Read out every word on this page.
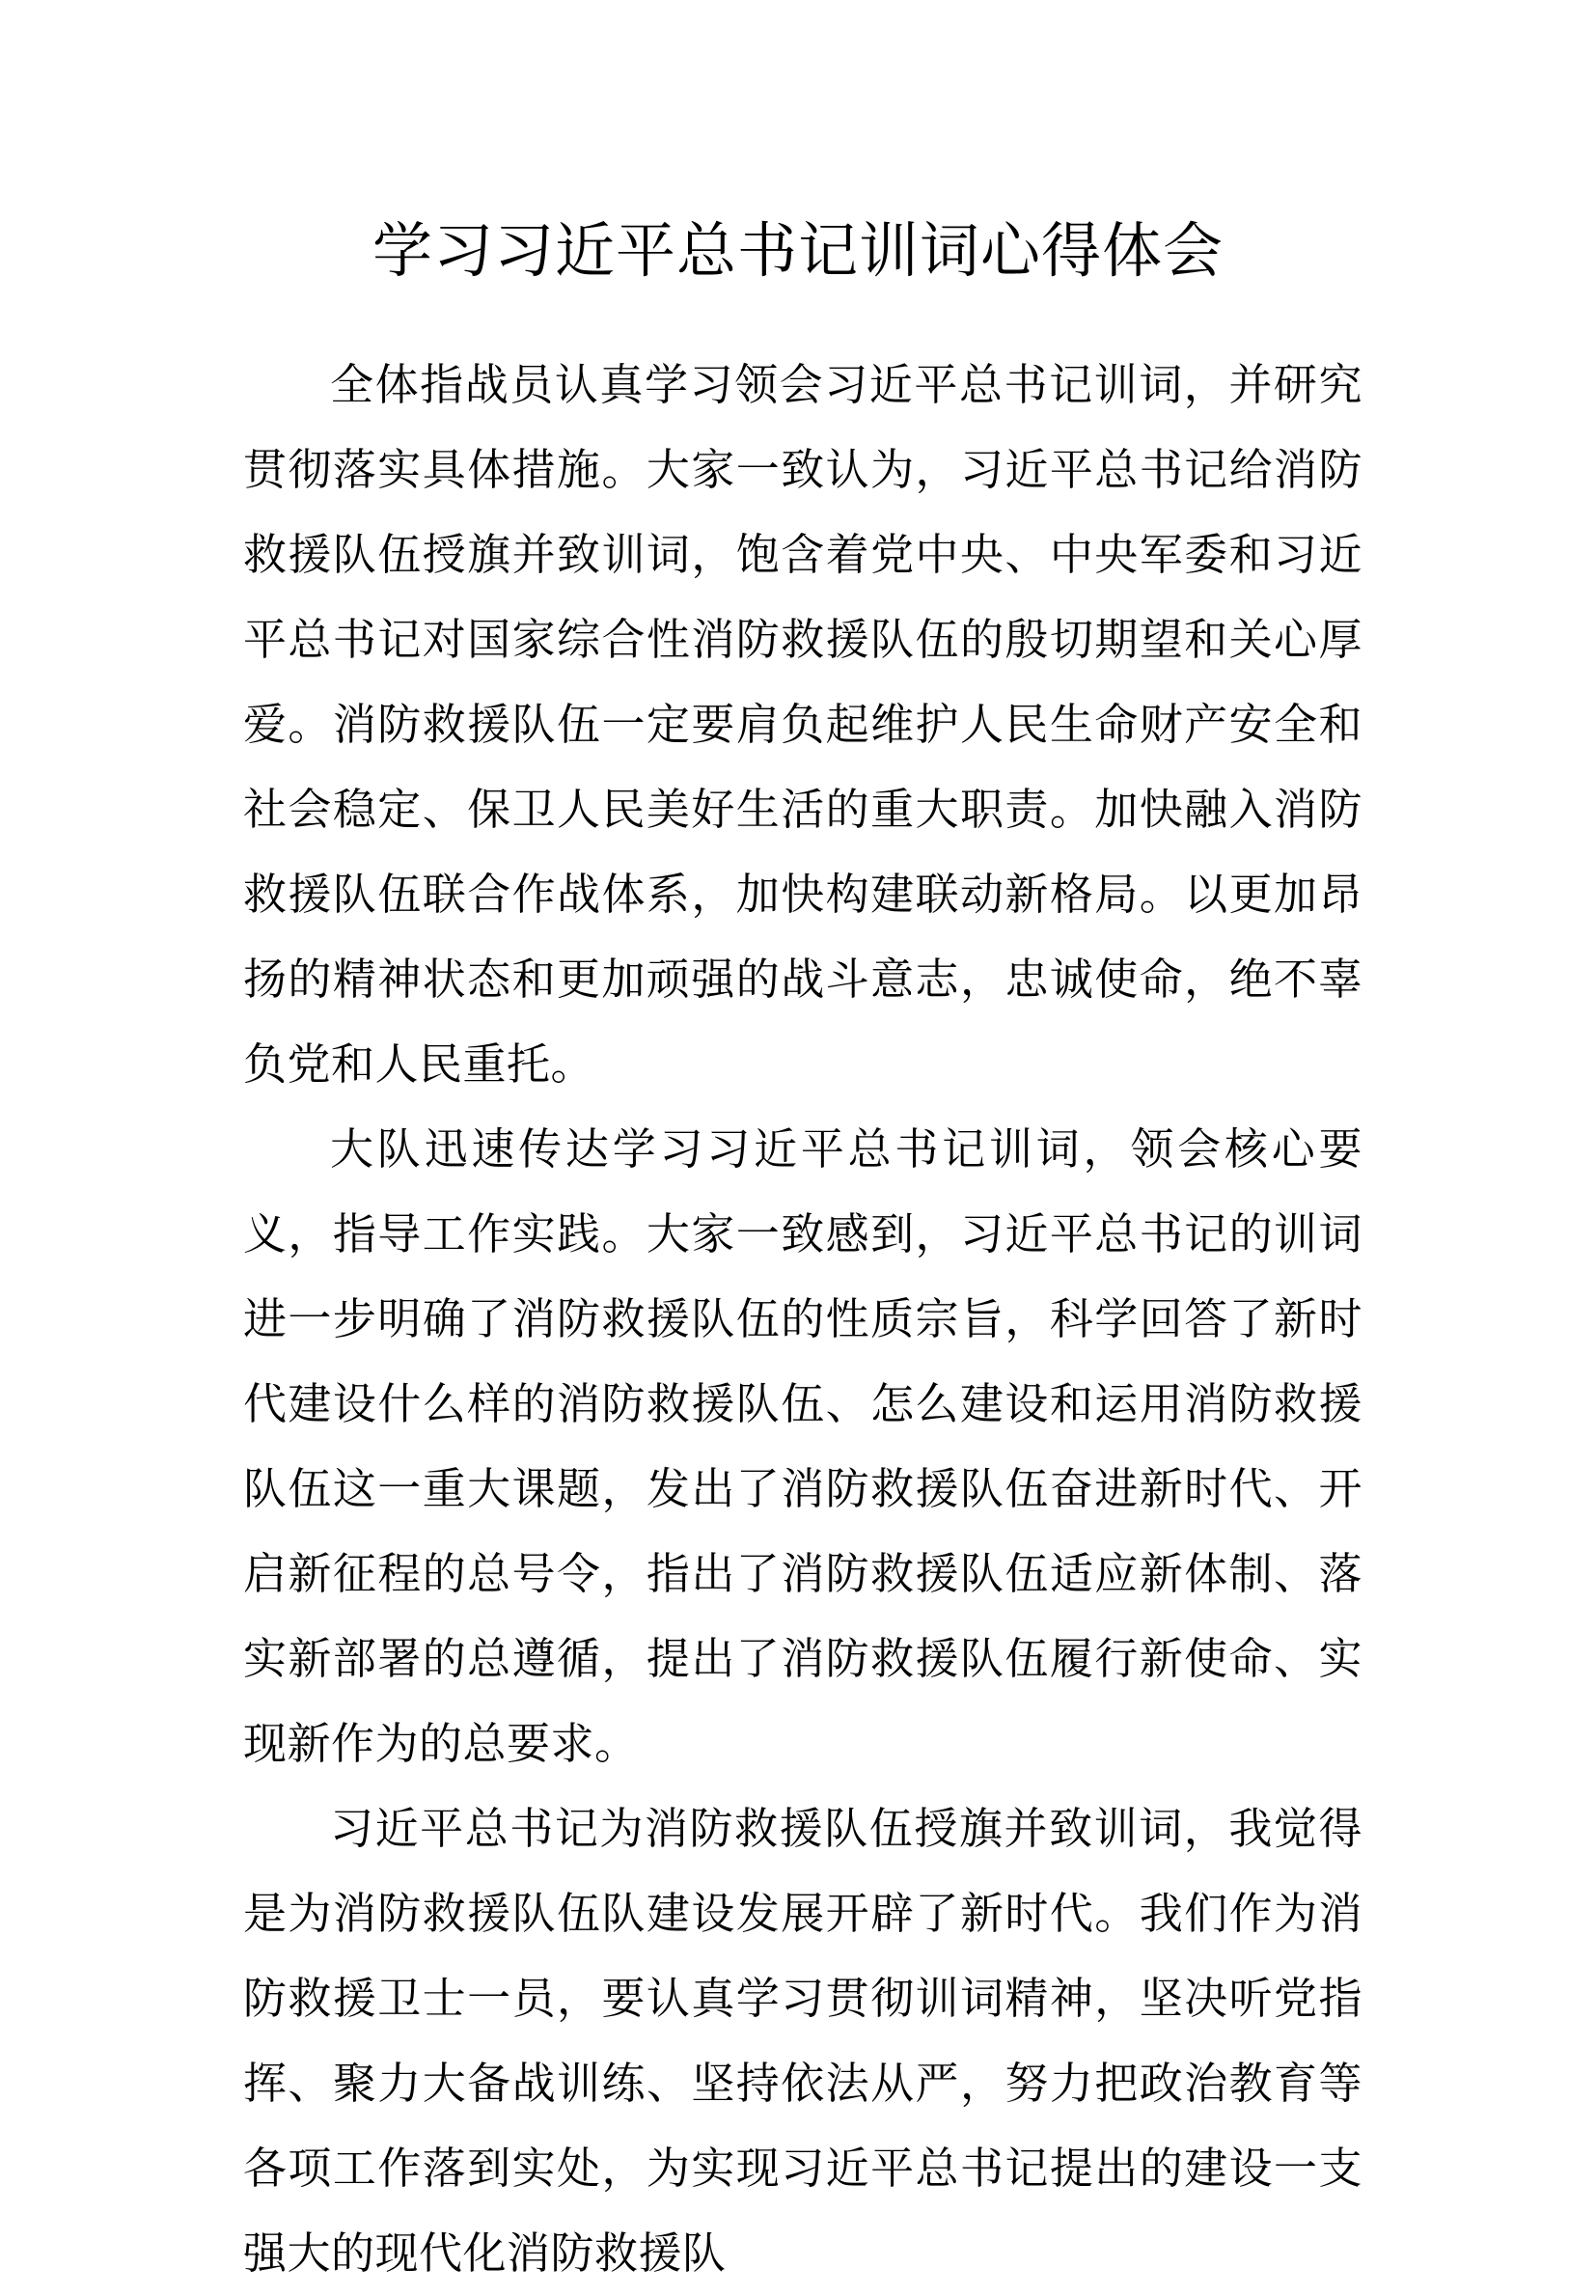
学习习近平总书记训词心得体会

全体指战员认真学习领会习近平总书记训词，并研究贯彻落实具体措施。大家一致认为，习近平总书记给消防救援队伍授旗并致训词，饱含着党中央、中央军委和习近平总书记对国家综合性消防救援队伍的殷切期望和关心厚爱。消防救援队伍一定要肩负起维护人民生命财产安全和社会稳定、保卫人民美好生活的重大职责。加快融入消防救援队伍联合作战体系，加快构建联动新格局。以更加昂扬的精神状态和更加顽强的战斗意志，忠诚使命，绝不辜负党和人民重托。

大队迅速传达学习习近平总书记训词，领会核心要义，指导工作实践。大家一致感到，习近平总书记的训词进一步明确了消防救援队伍的性质宗旨，科学回答了新时代建设什么样的消防救援队伍、怎么建设和运用消防救援队伍这一重大课题，发出了消防救援队伍奋进新时代、开启新征程的总号令，指出了消防救援队伍适应新体制、落实新部署的总遵循，提出了消防救援队伍履行新使命、实现新作为的总要求。

习近平总书记为消防救援队伍授旗并致训词，我觉得是为消防救援队伍队建设发展开辟了新时代。我们作为消防救援卫士一员，要认真学习贯彻训词精神，坚决听党指挥、聚力大备战训练、坚持依法从严，努力把政治教育等各项工作落到实处，为实现习近平总书记提出的建设一支强大的现代化消防救援队
